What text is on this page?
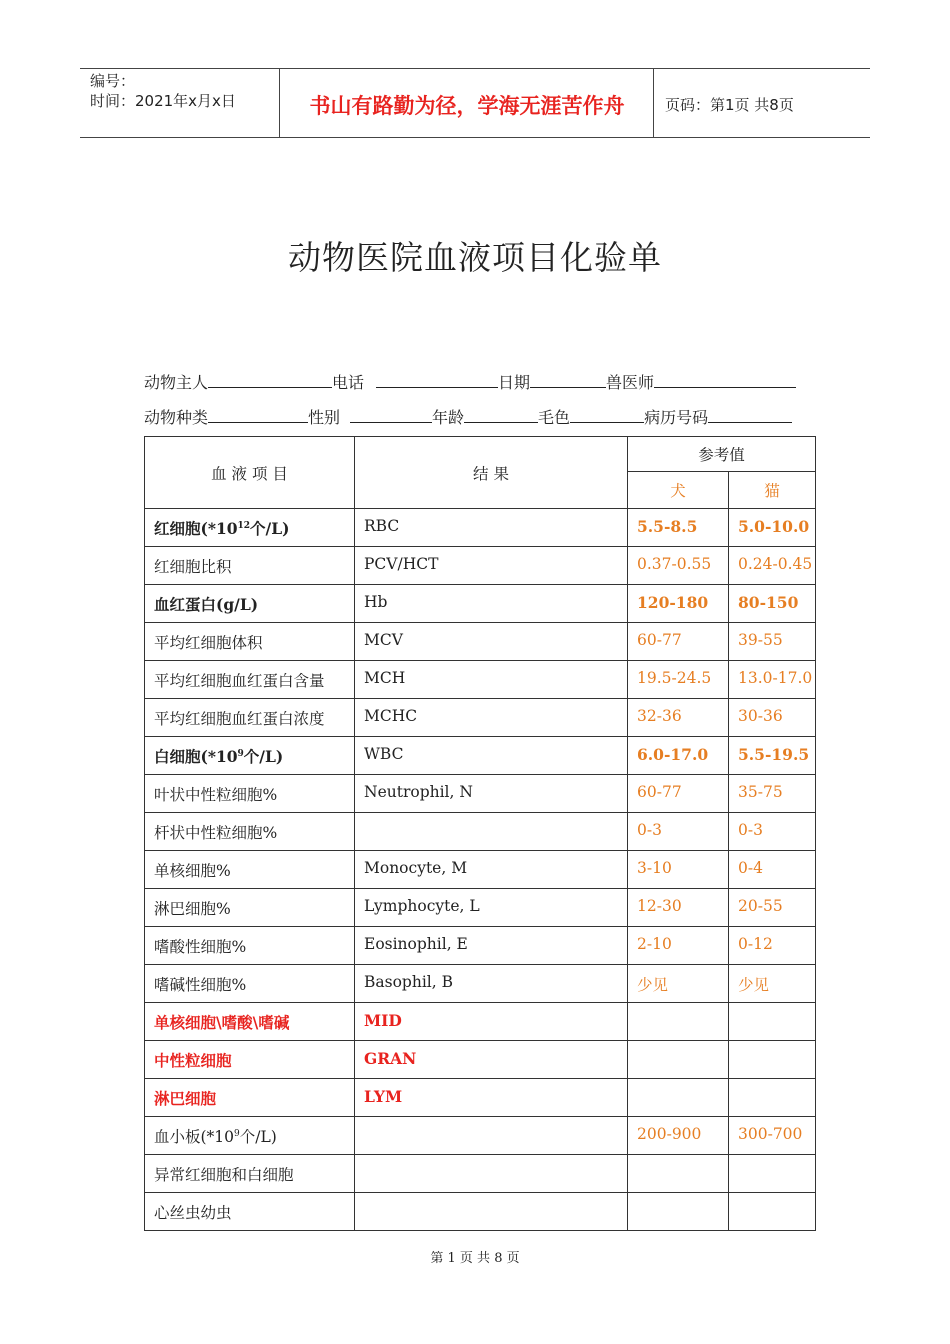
编号：
时间：2021年x月x日	书山有路勤为径，学海无涯苦作舟	页码：第1页 共8页
动物医院血液项目化验单
动物主人	电话	日期	兽医师
动物种类	性别	年龄	毛色	病历号码
血 液 项 目	结 果	参考值	
		犬	猫
红细胞($*10^{12}$个/L)	RBC	5.5-8.5	5.0-10.0
红细胞比积	PCV/HCT	0.37-0.55	0.24-0.45
血红蛋白(g/L)	Hb	120-180	80-150
平均红细胞体积	MCV	60-77	39-55
平均红细胞血红蛋白含量	MCH	19.5-24.5	13.0-17.0
平均红细胞血红蛋白浓度	MCHC	32-36	30-36
白细胞($*10^9$个/L)	WBC	6.0-17.0	5.5-19.5
叶状中性粒细胞%	Neutrophil, N	60-77	35-75
杆状中性粒细胞%		0-3	0-3
单核细胞%	Monocyte, M	3-10	0-4
淋巴细胞%	Lymphocyte, L	12-30	20-55
嗜酸性细胞%	Eosinophil, E	2-10	0-12
嗜碱性细胞%	Basophil, B	少见	少见
单核细胞\嗜酸\嗜碱	MID		
中性粒细胞	GRAN		
淋巴细胞	LYM		
血小板($*10^9$个/L)		200-900	300-700
异常红细胞和白细胞			
心丝虫幼虫			
第 1 页 共 8 页
